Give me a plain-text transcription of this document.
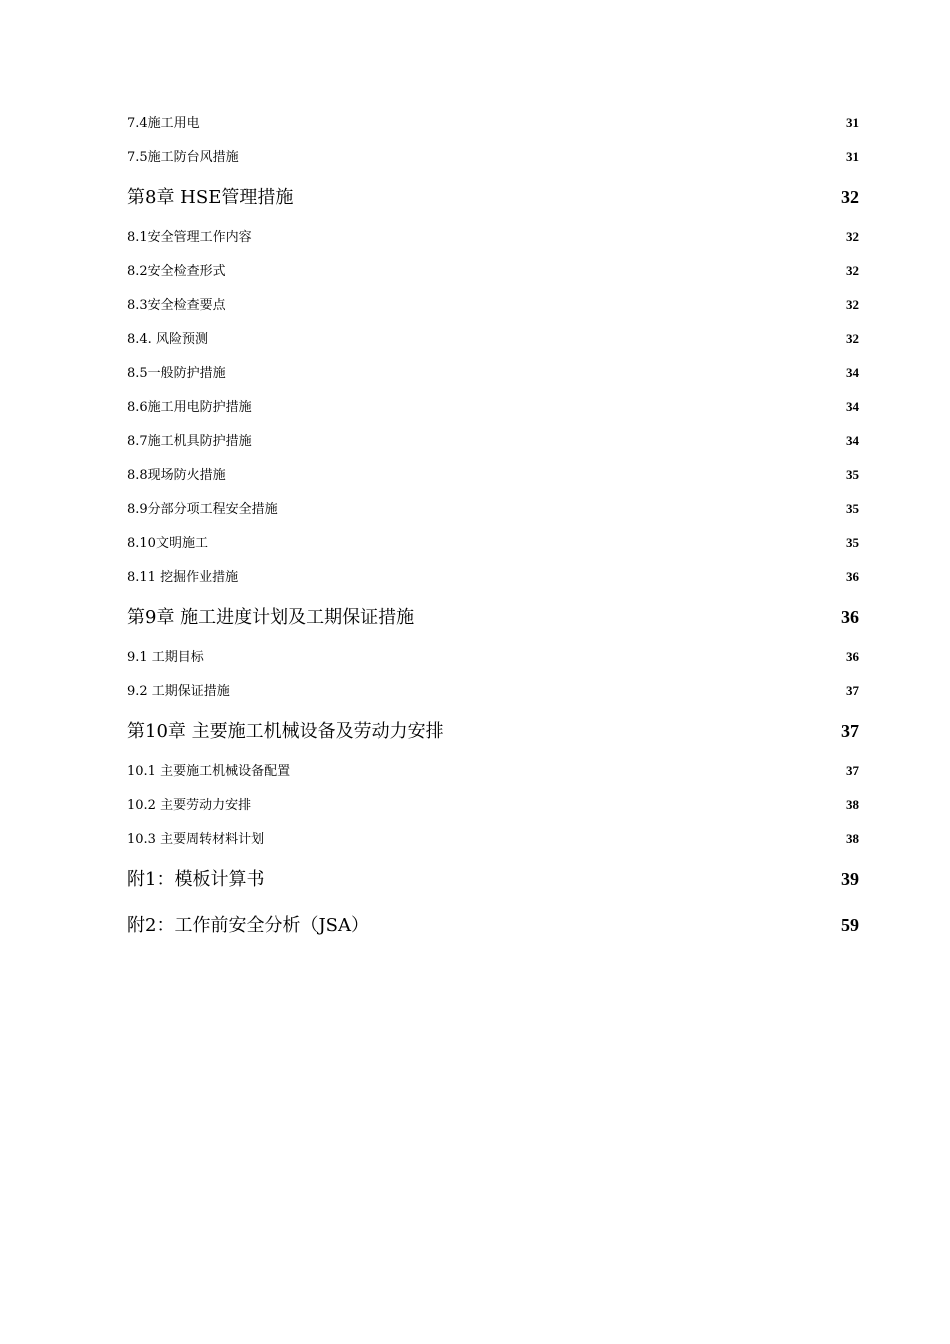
7.4施工用电 .....	31
7.5施工防台风措施 .....	31
第8章 HSE管理措施 .....	32
8.1安全管理工作内容 .....	32
8.2安全检查形式 .....	32
8.3安全检查要点 .....	32
8.4. 风险预测 .....	32
8.5一般防护措施 .....	34
8.6施工用电防护措施 .....	34
8.7施工机具防护措施 .....	34
8.8现场防火措施 .....	35
8.9分部分项工程安全措施 .....	35
8.10文明施工 .....	35
8.11 挖掘作业措施 .....	36
第9章 施工进度计划及工期保证措施 .....	36
9.1 工期目标 .....	36
9.2 工期保证措施 .....	37
第10章 主要施工机械设备及劳动力安排 .....	37
10.1 主要施工机械设备配置 .....	37
10.2 主要劳动力安排 .....	38
10.3 主要周转材料计划 .....	38
附1：模板计算书 .....	39
附2：工作前安全分析（JSA） .....	59
